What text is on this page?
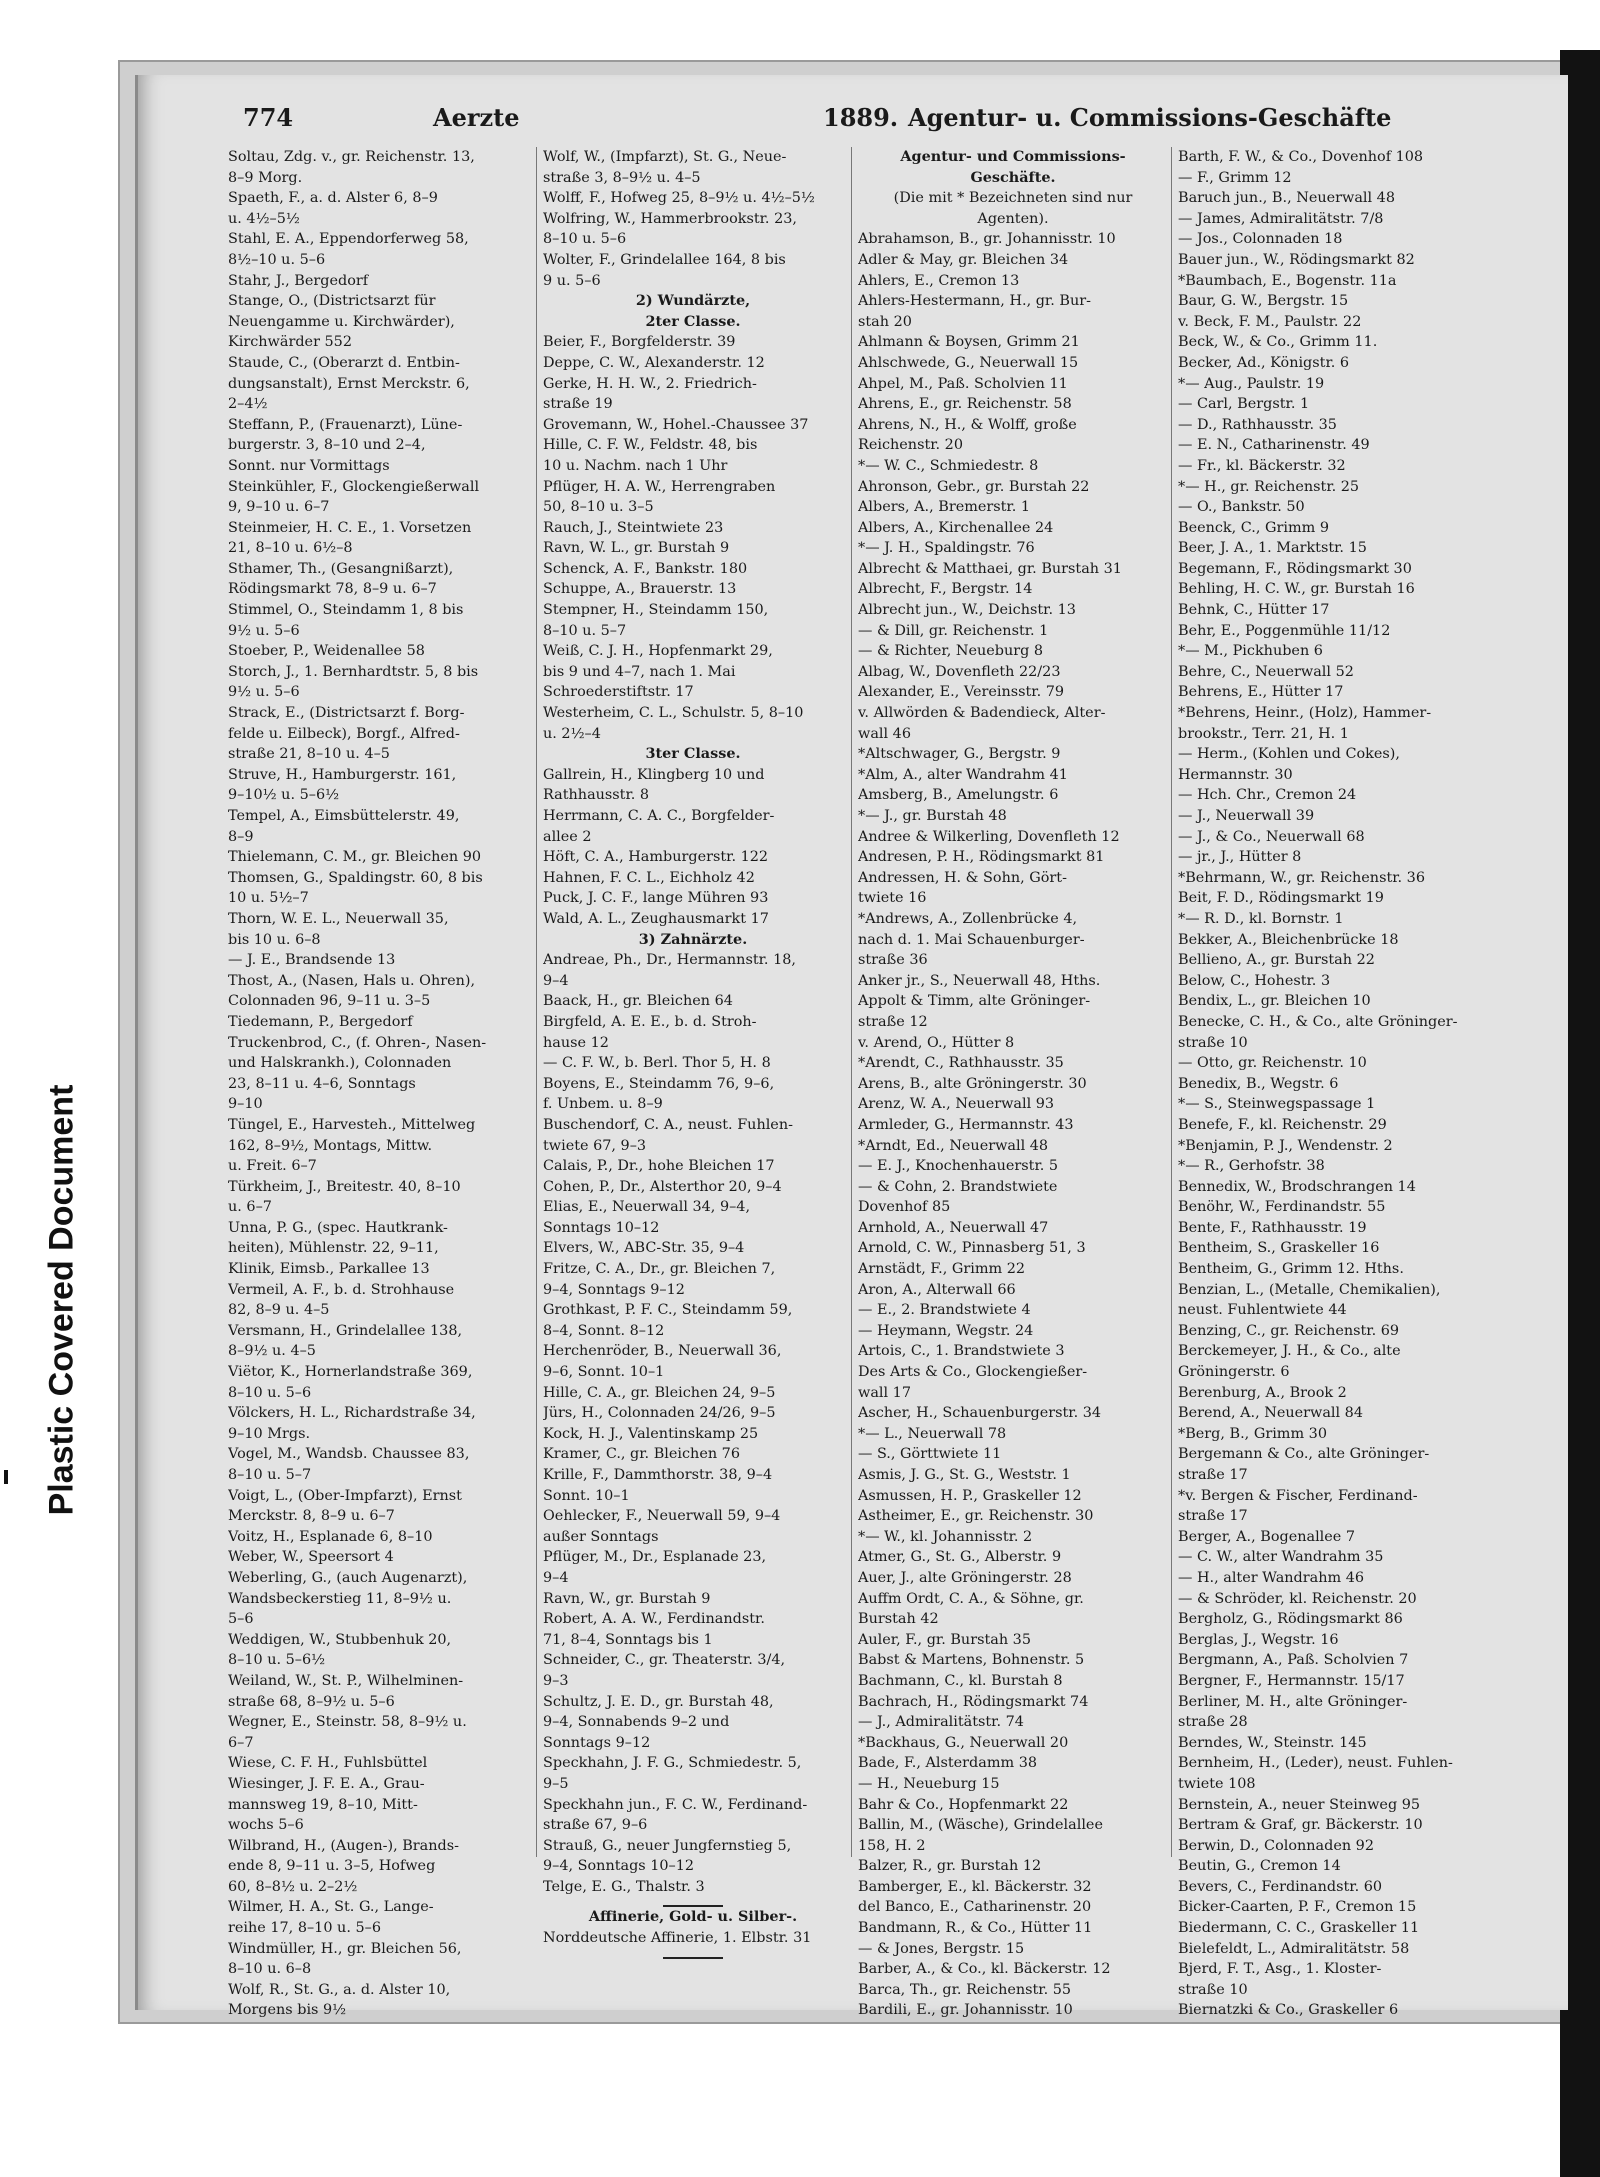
Plastic Covered Document
774	Aerzte	1889. Agentur- u. Commissions-Geschäfte
Soltau, Zdg. v., gr. Reichenstr. 13,
8–9 Morg.
Spaeth, F., a. d. Alster 6, 8–9
u. 4½–5½
Stahl, E. A., Eppendorferweg 58,
8½–10 u. 5–6
Stahr, J., Bergedorf
Stange, O., (Districtsarzt für
Neuengamme u. Kirchwärder),
Kirchwärder 552
Staude, C., (Oberarzt d. Entbin-
dungsanstalt), Ernst Merckstr. 6,
2–4½
Steffann, P., (Frauenarzt), Lüne-
burgerstr. 3, 8–10 und 2–4,
Sonnt. nur Vormittags
Steinkühler, F., Glockengießerwall
9, 9–10 u. 6–7
Steinmeier, H. C. E., 1. Vorsetzen
21, 8–10 u. 6½–8
Sthamer, Th., (Gesangnißarzt),
Rödingsmarkt 78, 8–9 u. 6–7
Stimmel, O., Steindamm 1, 8 bis
9½ u. 5–6
Stoeber, P., Weidenallee 58
Storch, J., 1. Bernhardtstr. 5, 8 bis
9½ u. 5–6
Strack, E., (Districtsarzt f. Borg-
felde u. Eilbeck), Borgf., Alfred-
straße 21, 8–10 u. 4–5
Struve, H., Hamburgerstr. 161,
9–10½ u. 5–6½
Tempel, A., Eimsbüttelerstr. 49,
8–9
Thielemann, C. M., gr. Bleichen 90
Thomsen, G., Spaldingstr. 60, 8 bis
10 u. 5½–7
Thorn, W. E. L., Neuerwall 35,
bis 10 u. 6–8
— J. E., Brandsende 13
Thost, A., (Nasen, Hals u. Ohren),
Colonnaden 96, 9–11 u. 3–5
Tiedemann, P., Bergedorf
Truckenbrod, C., (f. Ohren-, Nasen-
und Halskrankh.), Colonnaden
23, 8–11 u. 4–6, Sonntags
9–10
Tüngel, E., Harvesteh., Mittelweg
162, 8–9½, Montags, Mittw.
u. Freit. 6–7
Türkheim, J., Breitestr. 40, 8–10
u. 6–7
Unna, P. G., (spec. Hautkrank-
heiten), Mühlenstr. 22, 9–11,
Klinik, Eimsb., Parkallee 13
Vermeil, A. F., b. d. Strohhause
82, 8–9 u. 4–5
Versmann, H., Grindelallee 138,
8–9½ u. 4–5
Viëtor, K., Hornerlandstraße 369,
8–10 u. 5–6
Völckers, H. L., Richardstraße 34,
9–10 Mrgs.
Vogel, M., Wandsb. Chaussee 83,
8–10 u. 5–7
Voigt, L., (Ober-Impfarzt), Ernst
Merckstr. 8, 8–9 u. 6–7
Voitz, H., Esplanade 6, 8–10
Weber, W., Speersort 4
Weberling, G., (auch Augenarzt),
Wandsbeckerstieg 11, 8–9½ u.
5–6
Weddigen, W., Stubbenhuk 20,
8–10 u. 5–6½
Weiland, W., St. P., Wilhelminen-
straße 68, 8–9½ u. 5–6
Wegner, E., Steinstr. 58, 8–9½ u.
6–7
Wiese, C. F. H., Fuhlsbüttel
Wiesinger, J. F. E. A., Grau-
mannsweg 19, 8–10, Mitt-
wochs 5–6
Wilbrand, H., (Augen-), Brands-
ende 8, 9–11 u. 3–5, Hofweg
60, 8–8½ u. 2–2½
Wilmer, H. A., St. G., Lange-
reihe 17, 8–10 u. 5–6
Windmüller, H., gr. Bleichen 56,
8–10 u. 6–8
Wolf, R., St. G., a. d. Alster 10,
Morgens bis 9½
Wolf, W., (Impfarzt), St. G., Neue-
straße 3, 8–9½ u. 4–5
Wolff, F., Hofweg 25, 8–9½ u. 4½–5½
Wolfring, W., Hammerbrookstr. 23,
8–10 u. 5–6
Wolter, F., Grindelallee 164, 8 bis
9 u. 5–6
2) Wundärzte,
2ter Classe.
Beier, F., Borgfelderstr. 39
Deppe, C. W., Alexanderstr. 12
Gerke, H. H. W., 2. Friedrich-
straße 19
Grovemann, W., Hohel.-Chaussee 37
Hille, C. F. W., Feldstr. 48, bis
10 u. Nachm. nach 1 Uhr
Pflüger, H. A. W., Herrengraben
50, 8–10 u. 3–5
Rauch, J., Steintwiete 23
Ravn, W. L., gr. Burstah 9
Schenck, A. F., Bankstr. 180
Schuppe, A., Brauerstr. 13
Stempner, H., Steindamm 150,
8–10 u. 5–7
Weiß, C. J. H., Hopfenmarkt 29,
bis 9 und 4–7, nach 1. Mai
Schroederstiftstr. 17
Westerheim, C. L., Schulstr. 5, 8–10
u. 2½–4
3ter Classe.
Gallrein, H., Klingberg 10 und
Rathhausstr. 8
Herrmann, C. A. C., Borgfelder-
allee 2
Höft, C. A., Hamburgerstr. 122
Hahnen, F. C. L., Eichholz 42
Puck, J. C. F., lange Mühren 93
Wald, A. L., Zeughausmarkt 17
3) Zahnärzte.
Andreae, Ph., Dr., Hermannstr. 18,
9–4
Baack, H., gr. Bleichen 64
Birgfeld, A. E. E., b. d. Stroh-
hause 12
— C. F. W., b. Berl. Thor 5, H. 8
Boyens, E., Steindamm 76, 9–6,
f. Unbem. u. 8–9
Buschendorf, C. A., neust. Fuhlen-
twiete 67, 9–3
Calais, P., Dr., hohe Bleichen 17
Cohen, P., Dr., Alsterthor 20, 9–4
Elias, E., Neuerwall 34, 9–4,
Sonntags 10–12
Elvers, W., ABC-Str. 35, 9–4
Fritze, C. A., Dr., gr. Bleichen 7,
9–4, Sonntags 9–12
Grothkast, P. F. C., Steindamm 59,
8–4, Sonnt. 8–12
Herchenröder, B., Neuerwall 36,
9–6, Sonnt. 10–1
Hille, C. A., gr. Bleichen 24, 9–5
Jürs, H., Colonnaden 24/26, 9–5
Kock, H. J., Valentinskamp 25
Kramer, C., gr. Bleichen 76
Krille, F., Dammthorstr. 38, 9–4
Sonnt. 10–1
Oehlecker, F., Neuerwall 59, 9–4
außer Sonntags
Pflüger, M., Dr., Esplanade 23,
9–4
Ravn, W., gr. Burstah 9
Robert, A. A. W., Ferdinandstr.
71, 8–4, Sonntags bis 1
Schneider, C., gr. Theaterstr. 3/4,
9–3
Schultz, J. E. D., gr. Burstah 48,
9–4, Sonnabends 9–2 und
Sonntags 9–12
Speckhahn, J. F. G., Schmiedestr. 5,
9–5
Speckhahn jun., F. C. W., Ferdinand-
straße 67, 9–6
Strauß, G., neuer Jungfernstieg 5,
9–4, Sonntags 10–12
Telge, E. G., Thalstr. 3
Affinerie, Gold- u. Silber-.
Norddeutsche Affinerie, 1. Elbstr. 31
Agentur- und Commissions-
Geschäfte.
(Die mit * Bezeichneten sind nur
Agenten).
Abrahamson, B., gr. Johannisstr. 10
Adler & May, gr. Bleichen 34
Ahlers, E., Cremon 13
Ahlers-Hestermann, H., gr. Bur-
stah 20
Ahlmann & Boysen, Grimm 21
Ahlschwede, G., Neuerwall 15
Ahpel, M., Paß. Scholvien 11
Ahrens, E., gr. Reichenstr. 58
Ahrens, N., H., & Wolff, große
Reichenstr. 20
*— W. C., Schmiedestr. 8
Ahronson, Gebr., gr. Burstah 22
Albers, A., Bremerstr. 1
Albers, A., Kirchenallee 24
*— J. H., Spaldingstr. 76
Albrecht & Matthaei, gr. Burstah 31
Albrecht, F., Bergstr. 14
Albrecht jun., W., Deichstr. 13
— & Dill, gr. Reichenstr. 1
— & Richter, Neueburg 8
Albag, W., Dovenfleth 22/23
Alexander, E., Vereinsstr. 79
v. Allwörden & Badendieck, Alter-
wall 46
*Altschwager, G., Bergstr. 9
*Alm, A., alter Wandrahm 41
Amsberg, B., Amelungstr. 6
*— J., gr. Burstah 48
Andree & Wilkerling, Dovenfleth 12
Andresen, P. H., Rödingsmarkt 81
Andressen, H. & Sohn, Gört-
twiete 16
*Andrews, A., Zollenbrücke 4,
nach d. 1. Mai Schauenburger-
straße 36
Anker jr., S., Neuerwall 48, Hths.
Appolt & Timm, alte Gröninger-
straße 12
v. Arend, O., Hütter 8
*Arendt, C., Rathhausstr. 35
Arens, B., alte Gröningerstr. 30
Arenz, W. A., Neuerwall 93
Armleder, G., Hermannstr. 43
*Arndt, Ed., Neuerwall 48
— E. J., Knochenhauerstr. 5
— & Cohn, 2. Brandstwiete
Dovenhof 85
Arnhold, A., Neuerwall 47
Arnold, C. W., Pinnasberg 51, 3
Arnstädt, F., Grimm 22
Aron, A., Alterwall 66
— E., 2. Brandstwiete 4
— Heymann, Wegstr. 24
Artois, C., 1. Brandstwiete 3
Des Arts & Co., Glockengießer-
wall 17
Ascher, H., Schauenburgerstr. 34
*— L., Neuerwall 78
— S., Görttwiete 11
Asmis, J. G., St. G., Weststr. 1
Asmussen, H. P., Graskeller 12
Astheimer, E., gr. Reichenstr. 30
*— W., kl. Johannisstr. 2
Atmer, G., St. G., Alberstr. 9
Auer, J., alte Gröningerstr. 28
Auffm Ordt, C. A., & Söhne, gr.
Burstah 42
Auler, F., gr. Burstah 35
Babst & Martens, Bohnenstr. 5
Bachmann, C., kl. Burstah 8
Bachrach, H., Rödingsmarkt 74
— J., Admiralitätstr. 74
*Backhaus, G., Neuerwall 20
Bade, F., Alsterdamm 38
— H., Neueburg 15
Bahr & Co., Hopfenmarkt 22
Ballin, M., (Wäsche), Grindelallee
158, H. 2
Balzer, R., gr. Burstah 12
Bamberger, E., kl. Bäckerstr. 32
del Banco, E., Catharinenstr. 20
Bandmann, R., & Co., Hütter 11
— & Jones, Bergstr. 15
Barber, A., & Co., kl. Bäckerstr. 12
Barca, Th., gr. Reichenstr. 55
Bardili, E., gr. Johannisstr. 10
Barth, F. W., & Co., Dovenhof 108
— F., Grimm 12
Baruch jun., B., Neuerwall 48
— James, Admiralitätstr. 7/8
— Jos., Colonnaden 18
Bauer jun., W., Rödingsmarkt 82
*Baumbach, E., Bogenstr. 11a
Baur, G. W., Bergstr. 15
v. Beck, F. M., Paulstr. 22
Beck, W., & Co., Grimm 11.
Becker, Ad., Königstr. 6
*— Aug., Paulstr. 19
— Carl, Bergstr. 1
— D., Rathhausstr. 35
— E. N., Catharinenstr. 49
— Fr., kl. Bäckerstr. 32
*— H., gr. Reichenstr. 25
— O., Bankstr. 50
Beenck, C., Grimm 9
Beer, J. A., 1. Marktstr. 15
Begemann, F., Rödingsmarkt 30
Behling, H. C. W., gr. Burstah 16
Behnk, C., Hütter 17
Behr, E., Poggenmühle 11/12
*— M., Pickhuben 6
Behre, C., Neuerwall 52
Behrens, E., Hütter 17
*Behrens, Heinr., (Holz), Hammer-
brookstr., Terr. 21, H. 1
— Herm., (Kohlen und Cokes),
Hermannstr. 30
— Hch. Chr., Cremon 24
— J., Neuerwall 39
— J., & Co., Neuerwall 68
— jr., J., Hütter 8
*Behrmann, W., gr. Reichenstr. 36
Beit, F. D., Rödingsmarkt 19
*— R. D., kl. Bornstr. 1
Bekker, A., Bleichenbrücke 18
Bellieno, A., gr. Burstah 22
Below, C., Hohestr. 3
Bendix, L., gr. Bleichen 10
Benecke, C. H., & Co., alte Gröninger-
straße 10
— Otto, gr. Reichenstr. 10
Benedix, B., Wegstr. 6
*— S., Steinwegspassage 1
Benefe, F., kl. Reichenstr. 29
*Benjamin, P. J., Wendenstr. 2
*— R., Gerhofstr. 38
Bennedix, W., Brodschrangen 14
Benöhr, W., Ferdinandstr. 55
Bente, F., Rathhausstr. 19
Bentheim, S., Graskeller 16
Bentheim, G., Grimm 12. Hths.
Benzian, L., (Metalle, Chemikalien),
neust. Fuhlentwiete 44
Benzing, C., gr. Reichenstr. 69
Berckemeyer, J. H., & Co., alte
Gröningerstr. 6
Berenburg, A., Brook 2
Berend, A., Neuerwall 84
*Berg, B., Grimm 30
Bergemann & Co., alte Gröninger-
straße 17
*v. Bergen & Fischer, Ferdinand-
straße 17
Berger, A., Bogenallee 7
— C. W., alter Wandrahm 35
— H., alter Wandrahm 46
— & Schröder, kl. Reichenstr. 20
Bergholz, G., Rödingsmarkt 86
Berglas, J., Wegstr. 16
Bergmann, A., Paß. Scholvien 7
Bergner, F., Hermannstr. 15/17
Berliner, M. H., alte Gröninger-
straße 28
Berndes, W., Steinstr. 145
Bernheim, H., (Leder), neust. Fuhlen-
twiete 108
Bernstein, A., neuer Steinweg 95
Bertram & Graf, gr. Bäckerstr. 10
Berwin, D., Colonnaden 92
Beutin, G., Cremon 14
Bevers, C., Ferdinandstr. 60
Bicker-Caarten, P. F., Cremon 15
Biedermann, C. C., Graskeller 11
Bielefeldt, L., Admiralitätstr. 58
Bjerd, F. T., Asg., 1. Kloster-
straße 10
Biernatzki & Co., Graskeller 6
